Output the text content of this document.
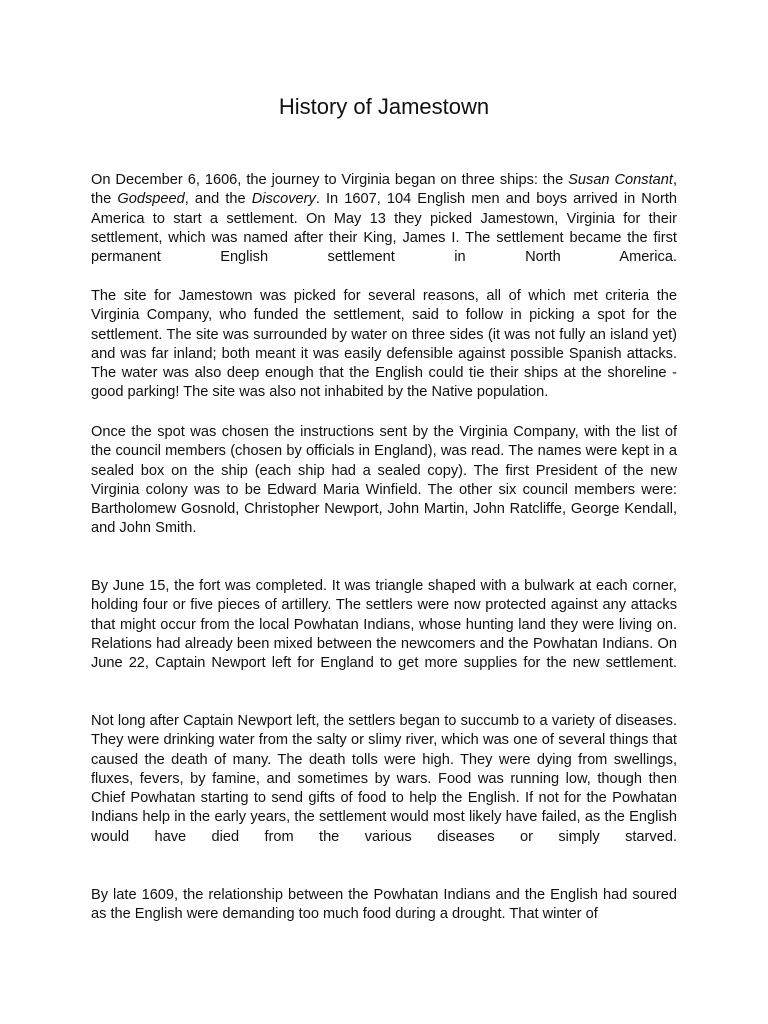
History of Jamestown

On December 6, 1606, the journey to Virginia began on three ships: the Susan Constant, the Godspeed, and the Discovery. In 1607, 104 English men and boys arrived in North America to start a settlement. On May 13 they picked Jamestown, Virginia for their settlement, which was named after their King, James I. The settlement became the first permanent English settlement in North America.

The site for Jamestown was picked for several reasons, all of which met criteria the Virginia Company, who funded the settlement, said to follow in picking a spot for the settlement. The site was surrounded by water on three sides (it was not fully an island yet) and was far inland; both meant it was easily defensible against possible Spanish attacks. The water was also deep enough that the English could tie their ships at the shoreline - good parking! The site was also not inhabited by the Native population.

Once the spot was chosen the instructions sent by the Virginia Company, with the list of the council members (chosen by officials in England), was read. The names were kept in a sealed box on the ship (each ship had a sealed copy). The first President of the new Virginia colony was to be Edward Maria Winfield. The other six council members were: Bartholomew Gosnold, Christopher Newport, John Martin, John Ratcliffe, George Kendall, and John Smith.

By June 15, the fort was completed. It was triangle shaped with a bulwark at each corner, holding four or five pieces of artillery. The settlers were now protected against any attacks that might occur from the local Powhatan Indians, whose hunting land they were living on. Relations had already been mixed between the newcomers and the Powhatan Indians. On June 22, Captain Newport left for England to get more supplies for the new settlement.

Not long after Captain Newport left, the settlers began to succumb to a variety of diseases. They were drinking water from the salty or slimy river, which was one of several things that caused the death of many. The death tolls were high. They were dying from swellings, fluxes, fevers, by famine, and sometimes by wars. Food was running low, though then Chief Powhatan starting to send gifts of food to help the English. If not for the Powhatan Indians help in the early years, the settlement would most likely have failed, as the English would have died from the various diseases or simply starved.

By late 1609, the relationship between the Powhatan Indians and the English had soured as the English were demanding too much food during a drought. That winter of
